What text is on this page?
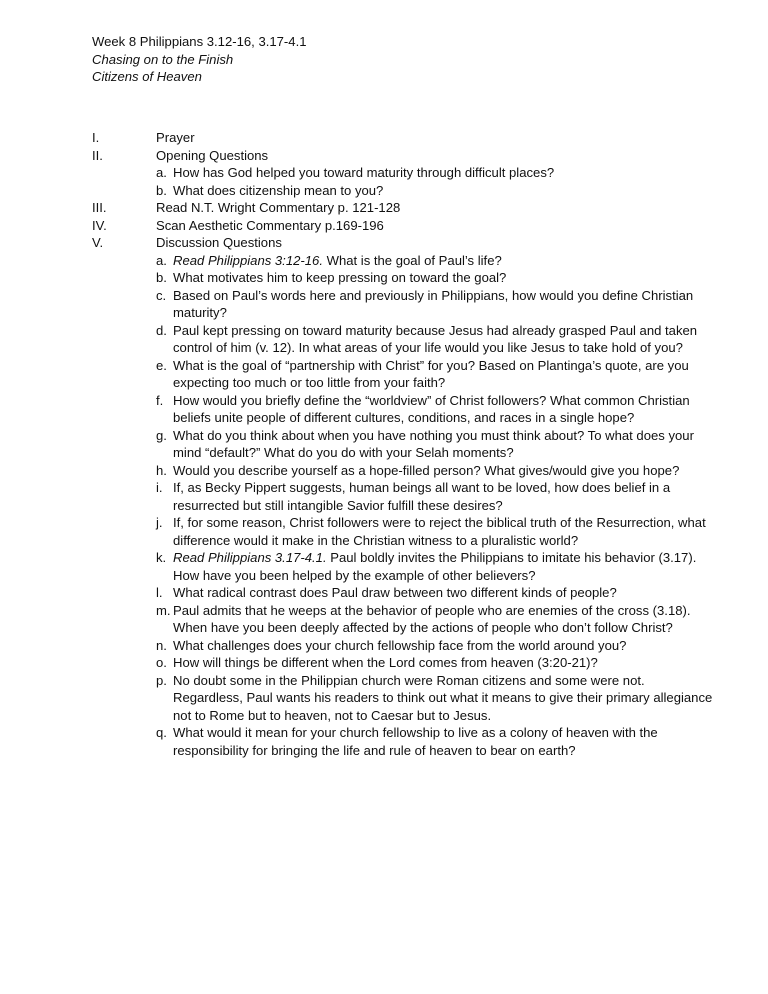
Week 8 Philippians 3.12-16, 3.17-4.1
Chasing on to the Finish
Citizens of Heaven
I.	Prayer
II.	Opening Questions
a. How has God helped you toward maturity through difficult places?
b. What does citizenship mean to you?
III.	Read N.T. Wright Commentary p. 121-128
IV.	Scan Aesthetic Commentary p.169-196
V.	Discussion Questions
a. Read Philippians 3:12-16. What is the goal of Paul’s life?
b. What motivates him to keep pressing on toward the goal?
c. Based on Paul’s words here and previously in Philippians, how would you define Christian maturity?
d. Paul kept pressing on toward maturity because Jesus had already grasped Paul and taken control of him (v. 12). In what areas of your life would you like Jesus to take hold of you?
e. What is the goal of “partnership with Christ” for you? Based on Plantinga’s quote, are you expecting too much or too little from your faith?
f. How would you briefly define the “worldview” of Christ followers? What common Christian beliefs unite people of different cultures, conditions, and races in a single hope?
g. What do you think about when you have nothing you must think about? To what does your mind “default?” What do you do with your Selah moments?
h. Would you describe yourself as a hope-filled person? What gives/would give you hope?
i. If, as Becky Pippert suggests, human beings all want to be loved, how does belief in a resurrected but still intangible Savior fulfill these desires?
j. If, for some reason, Christ followers were to reject the biblical truth of the Resurrection, what difference would it make in the Christian witness to a pluralistic world?
k. Read Philippians 3.17-4.1. Paul boldly invites the Philippians to imitate his behavior (3.17). How have you been helped by the example of other believers?
l. What radical contrast does Paul draw between two different kinds of people?
m. Paul admits that he weeps at the behavior of people who are enemies of the cross (3.18). When have you been deeply affected by the actions of people who don’t follow Christ?
n. What challenges does your church fellowship face from the world around you?
o. How will things be different when the Lord comes from heaven (3:20-21)?
p. No doubt some in the Philippian church were Roman citizens and some were not. Regardless, Paul wants his readers to think out what it means to give their primary allegiance not to Rome but to heaven, not to Caesar but to Jesus.
q. What would it mean for your church fellowship to live as a colony of heaven with the responsibility for bringing the life and rule of heaven to bear on earth?
